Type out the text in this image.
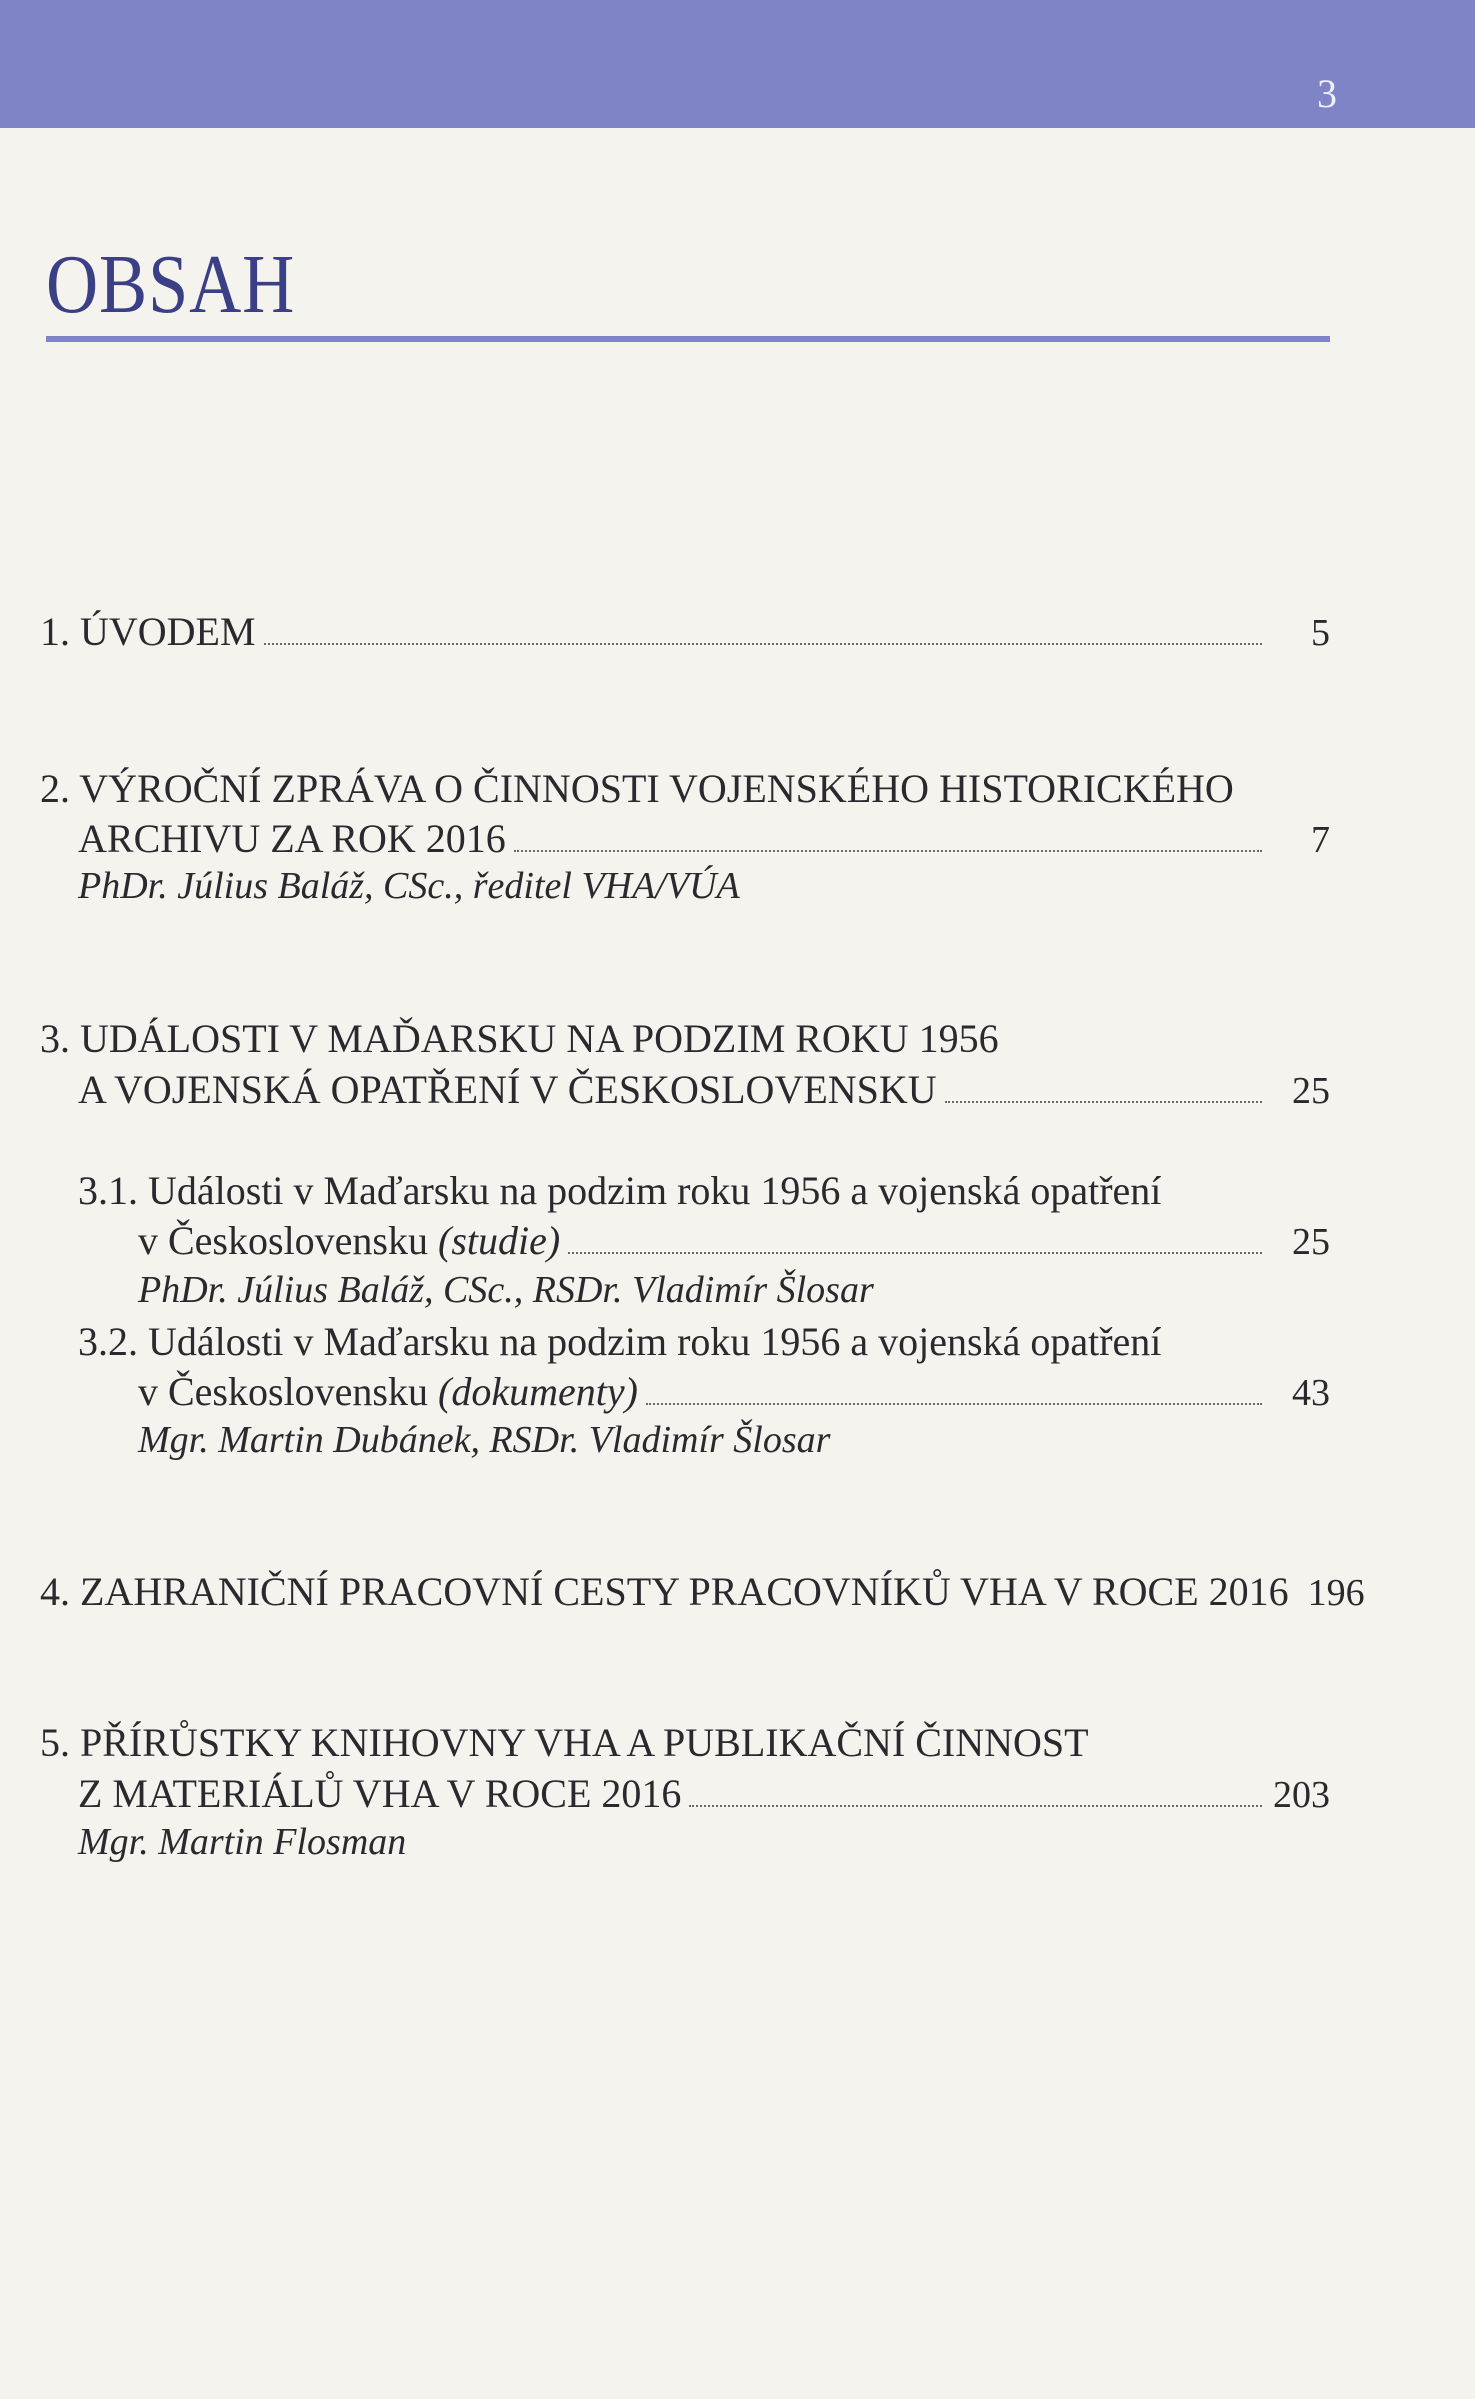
3
OBSAH
1. ÚVODEM	5
2. VÝROČNÍ ZPRÁVA O ČINNOSTI VOJENSKÉHO HISTORICKÉHO
ARCHIVU ZA ROK 2016	7
PhDr. Július Baláž, CSc., ředitel VHA/VÚA
3. UDÁLOSTI V MAĎARSKU NA PODZIM ROKU 1956
A VOJENSKÁ OPATŘENÍ V ČESKOSLOVENSKU	25
3.1. Události v Maďarsku na podzim roku 1956 a vojenská opatření
v Československu (studie)	25
PhDr. Július Baláž, CSc., RSDr. Vladimír Šlosar
3.2. Události v Maďarsku na podzim roku 1956 a vojenská opatření
v Československu (dokumenty)	43
Mgr. Martin Dubánek, RSDr. Vladimír Šlosar
4. ZAHRANIČNÍ PRACOVNÍ CESTY PRACOVNÍKŮ VHA V ROCE 2016 196
5. PŘÍRŮSTKY KNIHOVNY VHA A PUBLIKAČNÍ ČINNOST
Z MATERIÁLŮ VHA V ROCE 2016	203
Mgr. Martin Flosman
